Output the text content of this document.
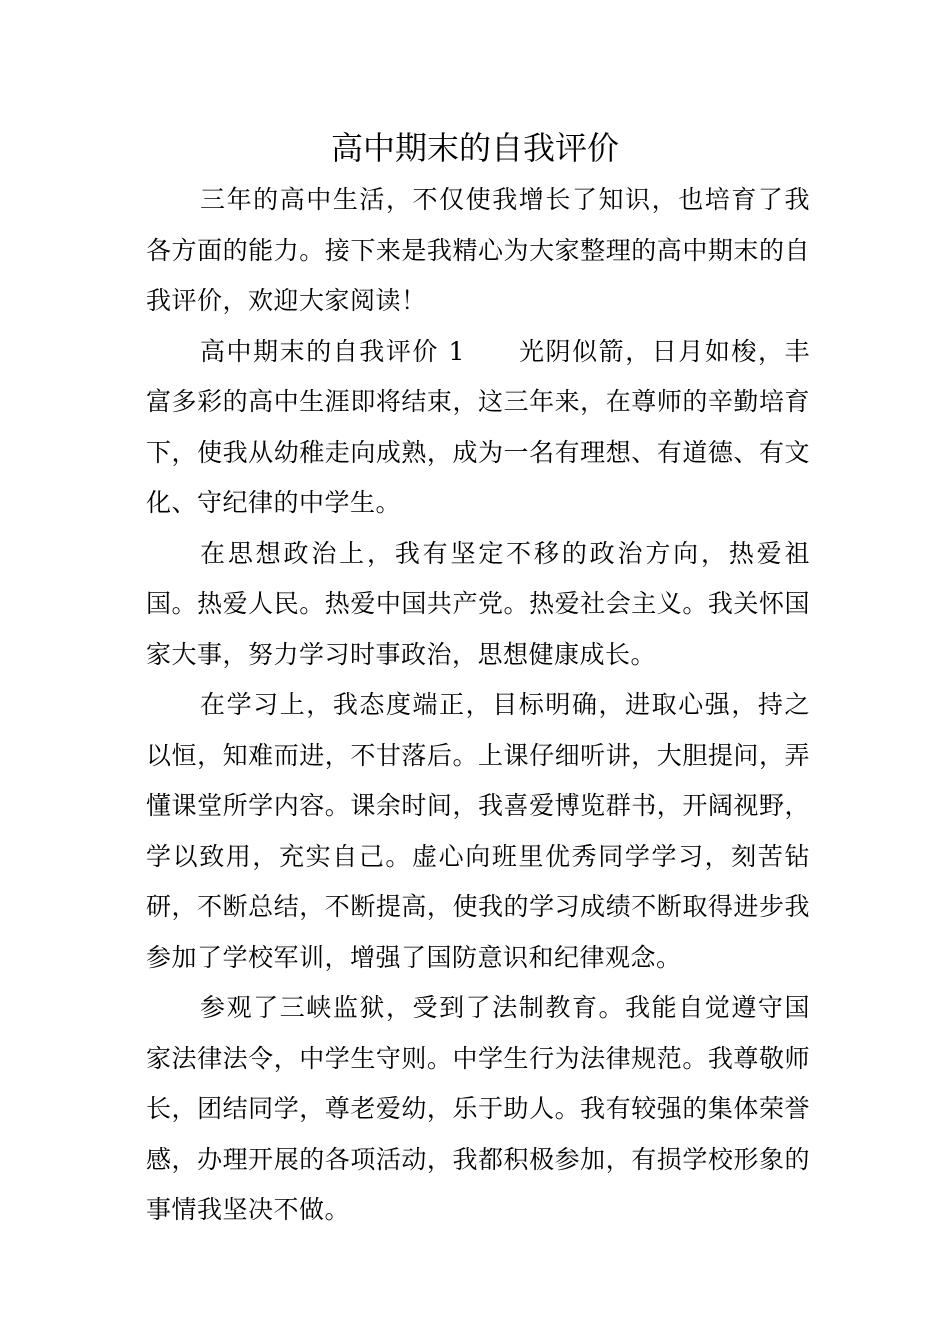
高中期末的自我评价

三年的高中生活，不仅使我增长了知识，也培育了我各方面的能力。接下来是我精心为大家整理的高中期末的自我评价，欢迎大家阅读！

高中期末的自我评价 1　　光阴似箭，日月如梭，丰富多彩的高中生涯即将结束，这三年来，在尊师的辛勤培育下，使我从幼稚走向成熟，成为一名有理想、有道德、有文化、守纪律的中学生。

在思想政治上，我有坚定不移的政治方向，热爱祖国。热爱人民。热爱中国共产党。热爱社会主义。我关怀国家大事，努力学习时事政治，思想健康成长。

在学习上，我态度端正，目标明确，进取心强，持之以恒，知难而进，不甘落后。上课仔细听讲，大胆提问，弄懂课堂所学内容。课余时间，我喜爱博览群书，开阔视野，学以致用，充实自己。虚心向班里优秀同学学习，刻苦钻研，不断总结，不断提高，使我的学习成绩不断取得进步我参加了学校军训，增强了国防意识和纪律观念。

参观了三峡监狱，受到了法制教育。我能自觉遵守国家法律法令，中学生守则。中学生行为法律规范。我尊敬师长，团结同学，尊老爱幼，乐于助人。我有较强的集体荣誉感，办理开展的各项活动，我都积极参加，有损学校形象的事情我坚决不做。
